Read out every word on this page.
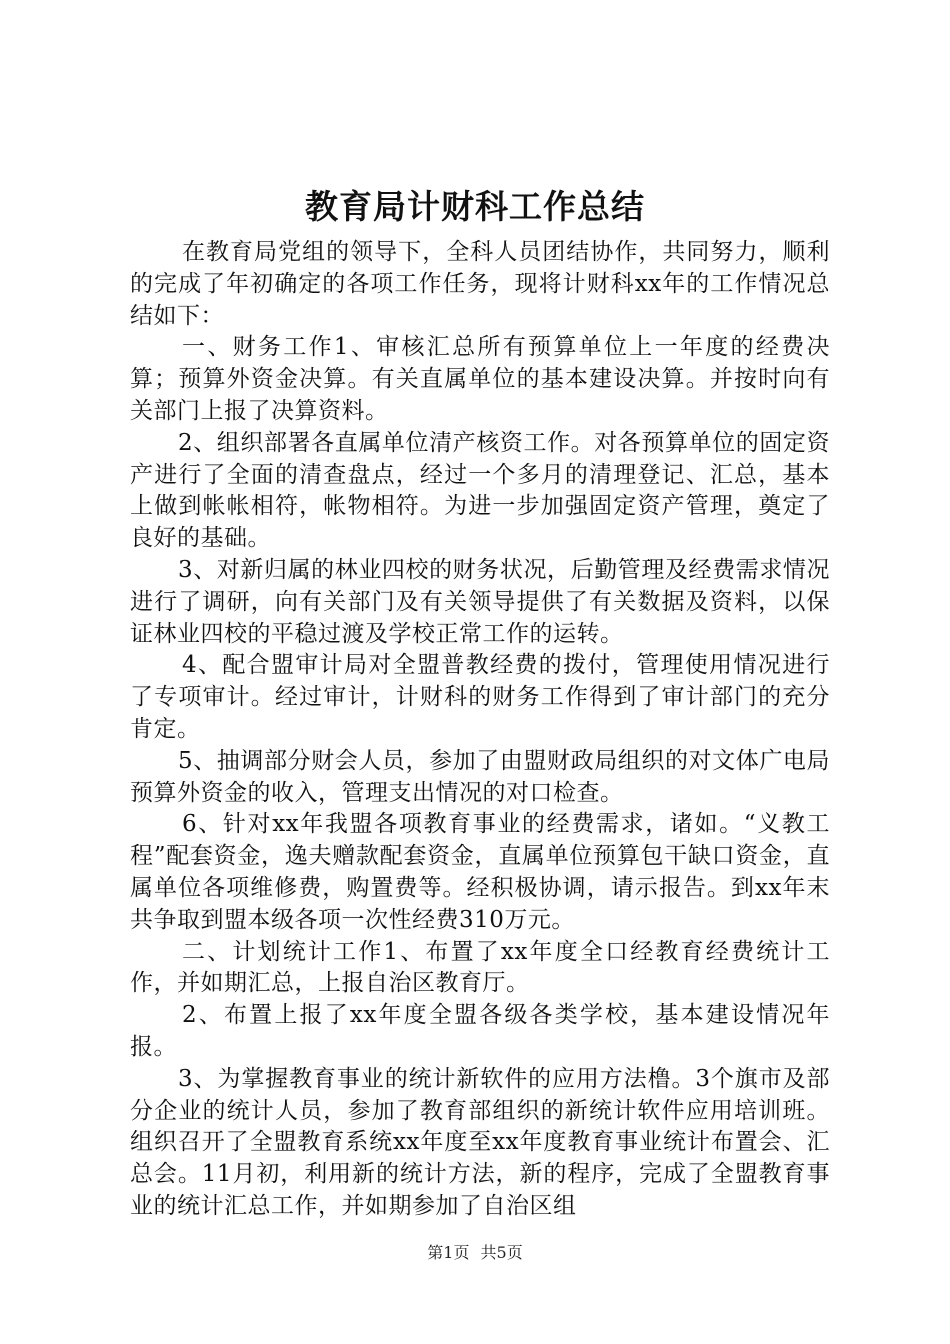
教育局计财科工作总结

在教育局党组的领导下，全科人员团结协作，共同努力，顺利的完成了年初确定的各项工作任务，现将计财科xx年的工作情况总结如下：

一、财务工作1、审核汇总所有预算单位上一年度的经费决算；预算外资金决算。有关直属单位的基本建设决算。并按时向有关部门上报了决算资料。

2、组织部署各直属单位清产核资工作。对各预算单位的固定资产进行了全面的清查盘点，经过一个多月的清理登记、汇总，基本上做到帐帐相符，帐物相符。为进一步加强固定资产管理，奠定了良好的基础。

3、对新归属的林业四校的财务状况，后勤管理及经费需求情况进行了调研，向有关部门及有关领导提供了有关数据及资料，以保证林业四校的平稳过渡及学校正常工作的运转。

4、配合盟审计局对全盟普教经费的拨付，管理使用情况进行了专项审计。经过审计，计财科的财务工作得到了审计部门的充分肯定。

5、抽调部分财会人员，参加了由盟财政局组织的对文体广电局预算外资金的收入，管理支出情况的对口检查。

6、针对xx年我盟各项教育事业的经费需求，诸如。“义教工程”配套资金，逸夫赠款配套资金，直属单位预算包干缺口资金，直属单位各项维修费，购置费等。经积极协调，请示报告。到xx年末共争取到盟本级各项一次性经费310万元。

二、计划统计工作1、布置了xx年度全口经教育经费统计工作，并如期汇总，上报自治区教育厅。

2、布置上报了xx年度全盟各级各类学校，基本建设情况年报。

3、为掌握教育事业的统计新软件的应用方法橹。3个旗市及部分企业的统计人员，参加了教育部组织的新统计软件应用培训班。组织召开了全盟教育系统xx年度至xx年度教育事业统计布置会、汇总会。11月初，利用新的统计方法，新的程序，完成了全盟教育事业的统计汇总工作，并如期参加了自治区组

第1页 共5页
